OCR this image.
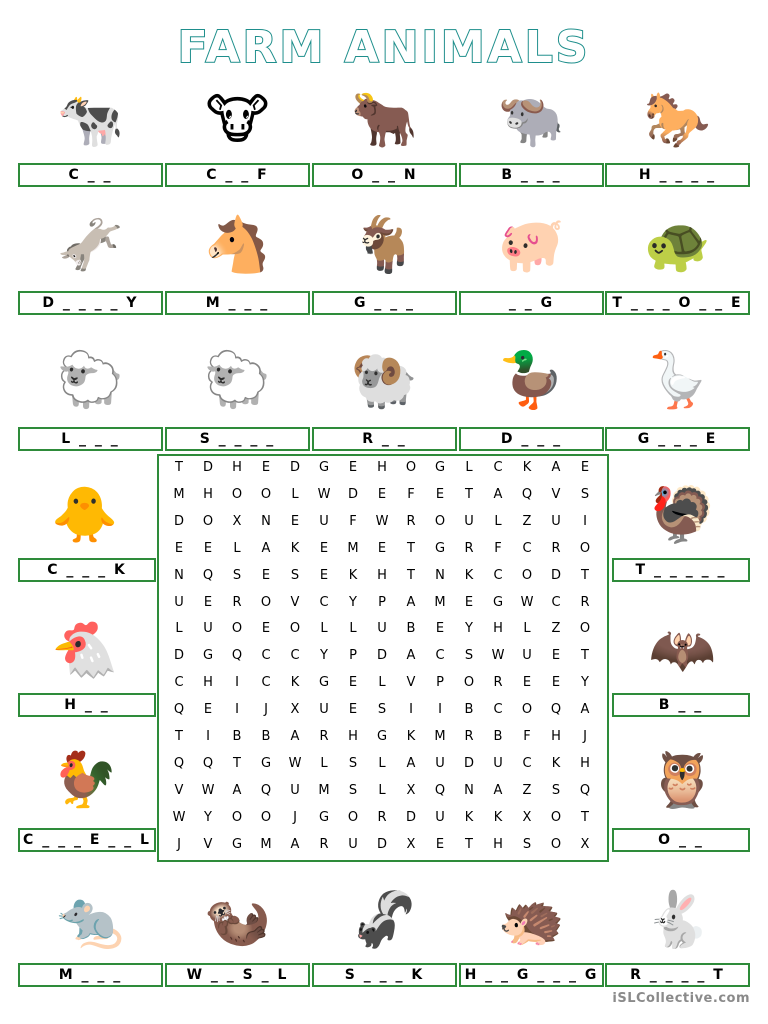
FARM ANIMALS
🐄
C _ _
🐮
C _ _ F
🐂
O _ _ N
🐃
B _ _ _
🐎
H _ _ _ _
🫏
D _ _ _ _ Y
🐴
M _ _ _
🐐
G _ _ _
🐖
_ _ G
🐢
T _ _ _ O _ _ E
🐑
L _ _ _
🐑
S _ _ _ _
🐏
R _ _
🦆
D _ _ _
🪿
G _ _ _ E
🐥
C _ _ _ K
🐔
H _ _
🐓
C _ _ _ E _ _ L
🦃
T _ _ _ _ _
🦇
B _ _
🦉
O _ _
🐀
M _ _ _
🦦
W _ _ S _ L
🦨
S _ _ _ K
🦔
H _ _ G _ _ _ G
🐇
R _ _ _ _ T
T	D	H	E	D	G	E	H	O	G	L	C	K	A	E
M	H	O	O	L	W	D	E	F	E	T	A	Q	V	S
D	O	X	N	E	U	F	W	R	O	U	L	Z	U	I
E	E	L	A	K	E	M	E	T	G	R	F	C	R	O
N	Q	S	E	S	E	K	H	T	N	K	C	O	D	T
U	E	R	O	V	C	Y	P	A	M	E	G	W	C	R
L	U	O	E	O	L	L	U	B	E	Y	H	L	Z	O
D	G	Q	C	C	Y	P	D	A	C	S	W	U	E	T
C	H	I	C	K	G	E	L	V	P	O	R	E	E	Y
Q	E	I	J	X	U	E	S	I	I	B	C	O	Q	A
T	I	B	B	A	R	H	G	K	M	R	B	F	H	J
Q	Q	T	G	W	L	S	L	A	U	D	U	C	K	H
V	W	A	Q	U	M	S	L	X	Q	N	A	Z	S	Q
W	Y	O	O	J	G	O	R	D	U	K	K	X	O	T
J	V	G	M	A	R	U	D	X	E	T	H	S	O	X
iSLCollective.com
